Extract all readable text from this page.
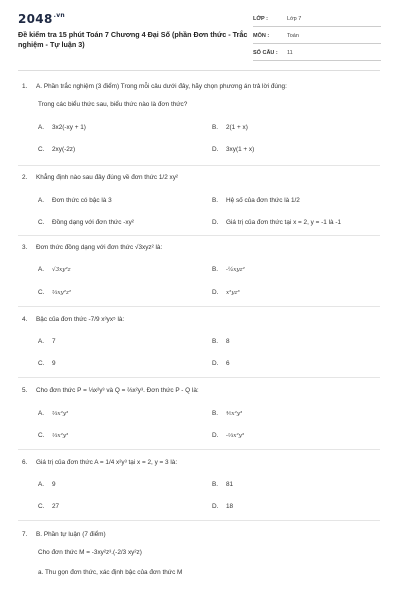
$2048^{.vn}$
Đề kiểm tra 15 phút Toán 7 Chương 4 Đại Số (phần Đơn thức - Trắc nghiệm - Tự luận 3)
LỚP :	Lớp 7
MÔN :	Toán
SỐ CÂU : 11
1. A. Phần trắc nghiệm (3 điểm) Trong mỗi câu dưới đây, hãy chọn phương án trả lời đúng:
Trong các biểu thức sau, biểu thức nào là đơn thức?
A. 3x2(-xy + 1)	B. 2(1 + x)
C. 2xy(-2z)	D. 3xy(1 + x)
2. Khẳng định nào sau đây đúng về đơn thức 1/2 xy²
A. Đơn thức có bậc là 3	B. Hệ số của đơn thức là 1/2
C. Đồng dạng với đơn thức -xy²	D. Giá trị của đơn thức tại x = 2, y = -1 là -1
3. Đơn thức đồng dạng với đơn thức √3xyz² là:
A. √3xy²z	B. -¼xyz²
C. ⅔xy²z²	D. x²yz³
4. Bậc của đơn thức -7/9 x³yx⁵ là:
A. 7	B. 8
C. 9	D. 6
5. Cho đơn thức P = ⅓x²y³ và Q = ⅔x²y³. Đơn thức P - Q là:
A. ⅔x²y³	B. ⅘x²y³
C. ⅓x²y³	D. -⅓x²y³
6. Giá trị của đơn thức A = 1/4 x²y³ tại x = 2, y = 3 là:
A. 9	B. 81
C. 27	D. 18
7. B. Phần tự luận (7 điểm)
Cho đơn thức M = -3xy²z³.(-2/3 xy²z)
a. Thu gọn đơn thức, xác định bậc của đơn thức M
